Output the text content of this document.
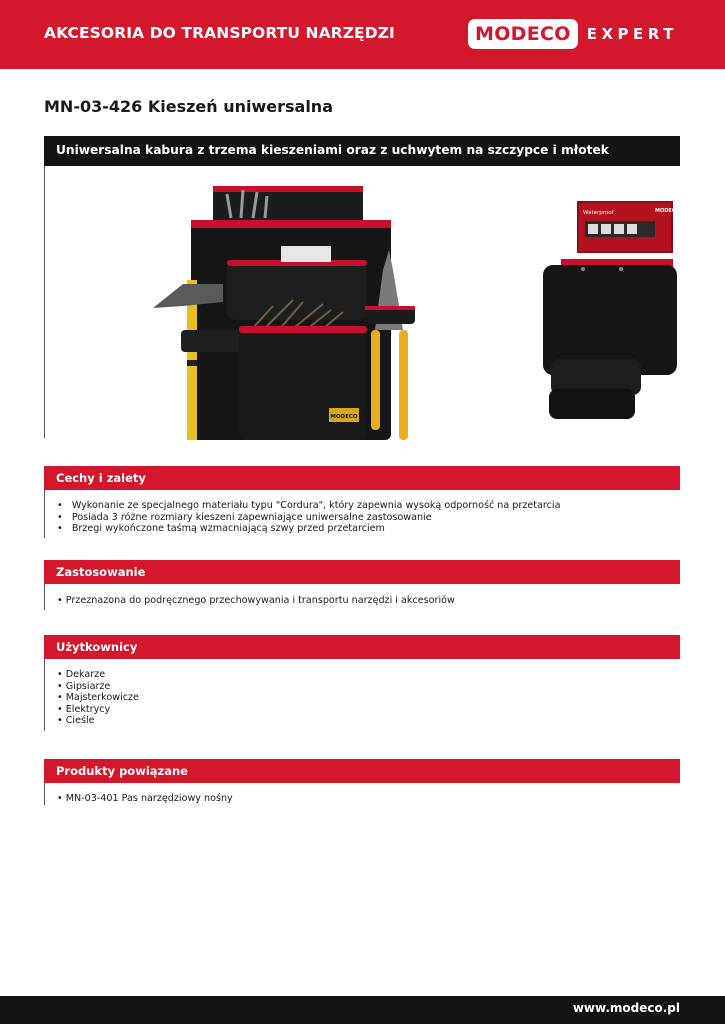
AKCESORIA DO TRANSPORTU NARZĘDZI	MODECO	EXPERT
MN-03-426 Kieszeń uniwersalna
Uniwersalna kabura z trzema kieszeniami oraz z uchwytem na szczypce i młotek
MODECO
Waterproof	MODECO
Cechy i zalety
•   Wykonanie ze specjalnego materiału typu "Cordura", który zapewnia wysoką odporność na przetarcia
•   Posiada 3 różne rozmiary kieszeni zapewniające uniwersalne zastosowanie
•   Brzegi wykończone taśmą wzmacniającą szwy przed przetarciem
Zastosowanie
• Przeznazona do podręcznego przechowywania i transportu narzędzi i akcesoriów
Użytkownicy
• Dekarze
• Gipsiarze
• Majsterkowicze
• Elektrycy
• Cieśle
Produkty powiązane
• MN-03-401 Pas narzędziowy nośny
www.modeco.pl
